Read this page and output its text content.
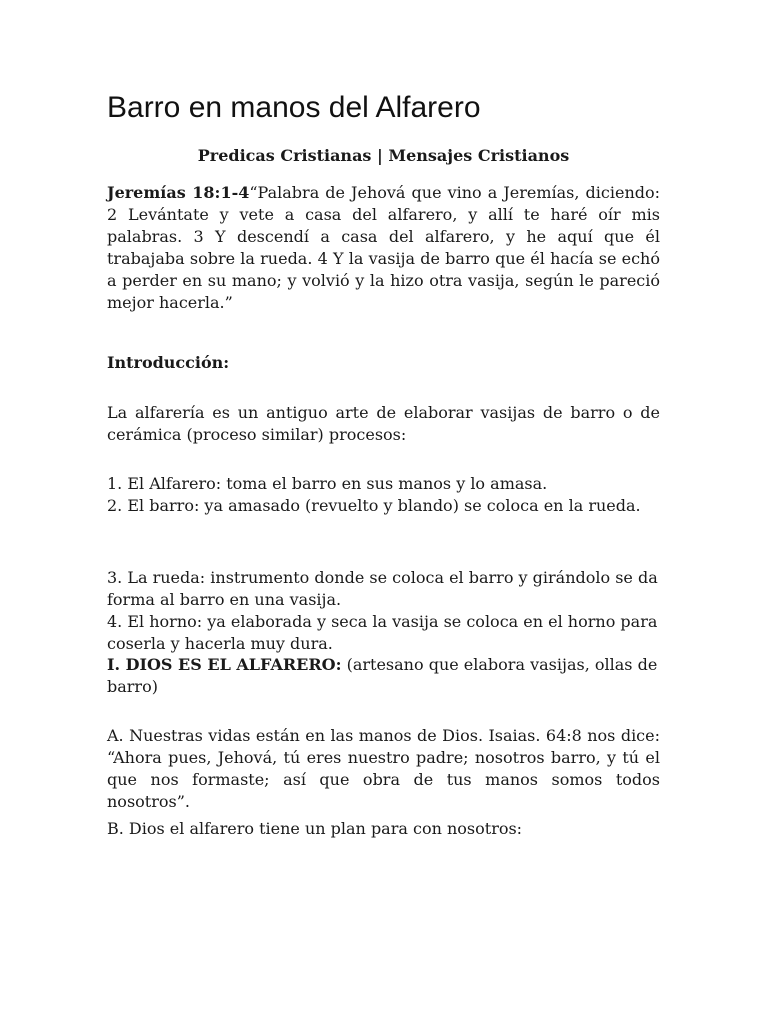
Barro en manos del Alfarero

Predicas Cristianas | Mensajes Cristianos

Jeremías 18:1-4“Palabra de Jehová que vino a Jeremías, diciendo: 2 Levántate y vete a casa del alfarero, y allí te haré oír mis palabras. 3 Y descendí a casa del alfarero, y he aquí que él trabajaba sobre la rueda. 4 Y la vasija de barro que él hacía se echó a perder en su mano; y volvió y la hizo otra vasija, según le pareció mejor hacerla.”

Introducción:

La alfarería es un antiguo arte de elaborar vasijas de barro o de cerámica (proceso similar) procesos:

1. El Alfarero: toma el barro en sus manos y lo amasa.
2. El barro: ya amasado (revuelto y blando) se coloca en la rueda.

3. La rueda: instrumento donde se coloca el barro y girándolo se da forma al barro en una vasija.
4. El horno: ya elaborada y seca la vasija se coloca en el horno para coserla y hacerla muy dura.

I. DIOS ES EL ALFARERO: (artesano que elabora vasijas, ollas de barro)

A. Nuestras vidas están en las manos de Dios. Isaias. 64:8 nos dice: “Ahora pues, Jehová, tú eres nuestro padre; nosotros barro, y tú el que nos formaste; así que obra de tus manos somos todos nosotros”.

B. Dios el alfarero tiene un plan para con nosotros:
